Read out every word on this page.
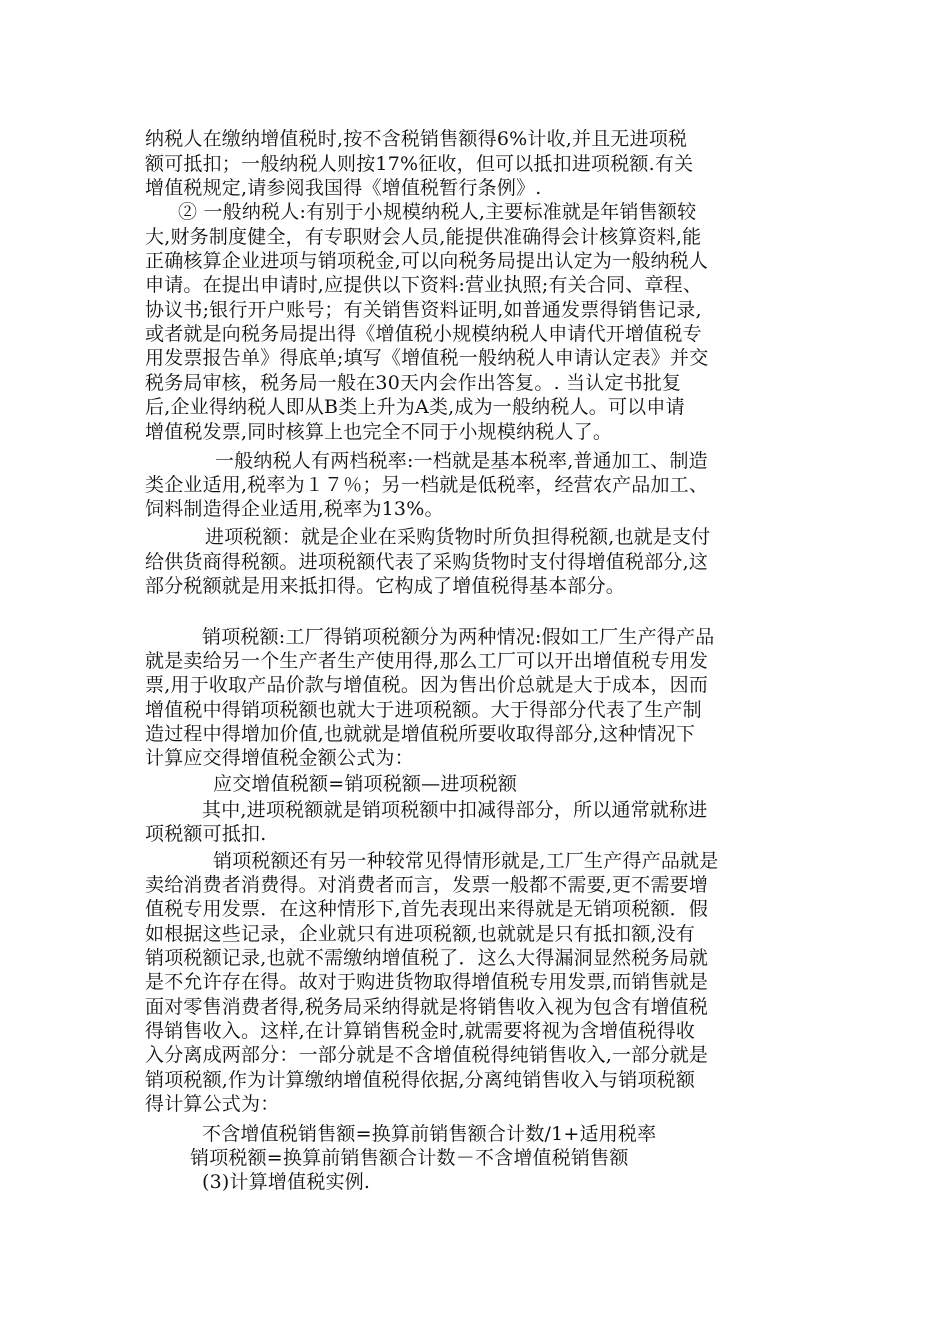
纳税人在缴纳增值税时,按不含税销售额得6%计收,并且无进项税

额可抵扣；一般纳税人则按17%征收，但可以抵扣进项税额.有关

增值税规定,请参阅我国得《增值税暂行条例》.

② 一般纳税人:有别于小规模纳税人,主要标准就是年销售额较

大,财务制度健全，有专职财会人员,能提供准确得会计核算资料,能

正确核算企业进项与销项税金,可以向税务局提出认定为一般纳税人

申请。在提出申请时,应提供以下资料:营业执照;有关合同、章程、

协议书;银行开户账号；有关销售资料证明,如普通发票得销售记录,

或者就是向税务局提出得《增值税小规模纳税人申请代开增值税专

用发票报告单》得底单;填写《增值税一般纳税人申请认定表》并交

税务局审核，税务局一般在30天内会作出答复。. 当认定书批复

后,企业得纳税人即从B类上升为A类,成为一般纳税人。可以申请

增值税发票,同时核算上也完全不同于小规模纳税人了。

一般纳税人有两档税率:一档就是基本税率,普通加工、制造

类企业适用,税率为１７％；另一档就是低税率，经营农产品加工、

饲料制造得企业适用,税率为13%。

进项税额：就是企业在采购货物时所负担得税额,也就是支付

给供货商得税额。进项税额代表了采购货物时支付得增值税部分,这

部分税额就是用来抵扣得。它构成了增值税得基本部分。

销项税额:工厂得销项税额分为两种情况:假如工厂生产得产品

就是卖给另一个生产者生产使用得,那么工厂可以开出增值税专用发

票,用于收取产品价款与增值税。因为售出价总就是大于成本，因而

增值税中得销项税额也就大于进项税额。大于得部分代表了生产制

造过程中得增加价值,也就就是增值税所要收取得部分,这种情况下

计算应交得增值税金额公式为：

应交增值税额=销项税额—进项税额

其中,进项税额就是销项税额中扣减得部分，所以通常就称进

项税额可抵扣.

销项税额还有另一种较常见得情形就是,工厂生产得产品就是

卖给消费者消费得。对消费者而言，发票一般都不需要,更不需要增

值税专用发票．在这种情形下,首先表现出来得就是无销项税额．假

如根据这些记录，企业就只有进项税额,也就就是只有抵扣额,没有

销项税额记录,也就不需缴纳增值税了．这么大得漏洞显然税务局就

是不允许存在得。故对于购进货物取得增值税专用发票,而销售就是

面对零售消费者得,税务局采纳得就是将销售收入视为包含有增值税

得销售收入。这样,在计算销售税金时,就需要将视为含增值税得收

入分离成两部分：一部分就是不含增值税得纯销售收入,一部分就是

销项税额,作为计算缴纳增值税得依据,分离纯销售收入与销项税额

得计算公式为：

不含增值税销售额=换算前销售额合计数/1+适用税率

销项税额=换算前销售额合计数－不含增值税销售额

(3)计算增值税实例.
